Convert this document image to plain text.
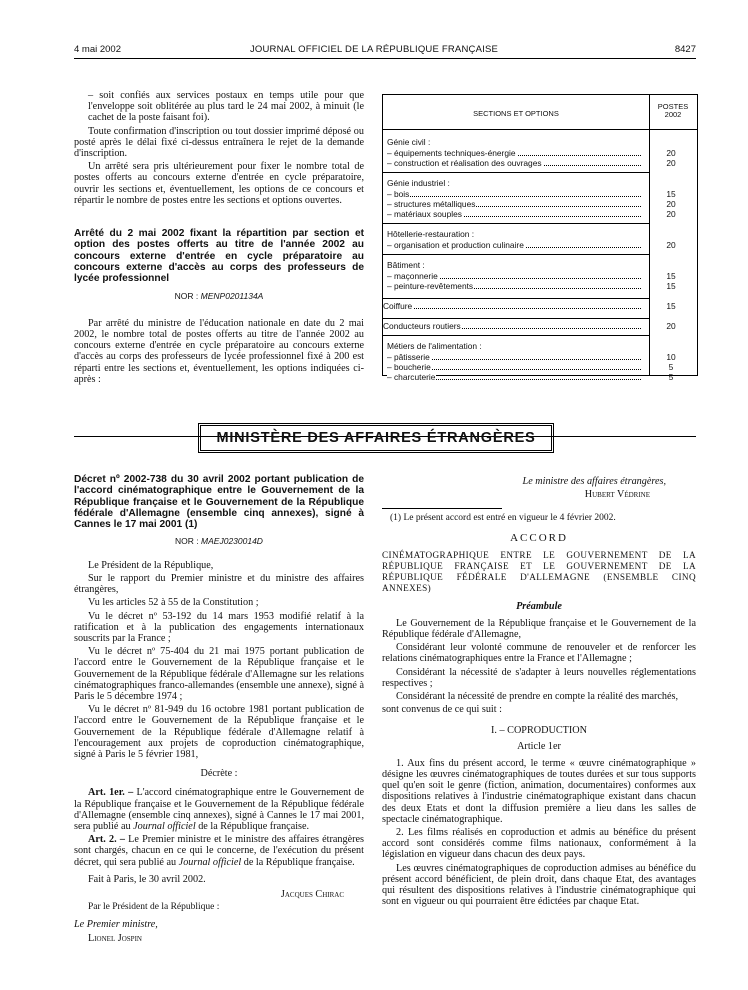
4 mai 2002	JOURNAL OFFICIEL DE LA RÉPUBLIQUE FRANÇAISE	8427

– soit confiés aux services postaux en temps utile pour que l'enveloppe soit oblitérée au plus tard le 24 mai 2002, à minuit (le cachet de la poste faisant foi).

Toute confirmation d'inscription ou tout dossier imprimé déposé ou posté après le délai fixé ci-dessus entraînera le rejet de la demande d'inscription.

Un arrêté sera pris ultérieurement pour fixer le nombre total de postes offerts au concours externe d'entrée en cycle préparatoire, ouvrir les sections et, éventuellement, les options de ce concours et répartir le nombre de postes entre les sections et options ouvertes.

Arrêté du 2 mai 2002 fixant la répartition par section et option des postes offerts au titre de l'année 2002 au concours externe d'entrée en cycle préparatoire au concours externe d'accès au corps des professeurs de lycée professionnel
NOR : MENP0201134A

Par arrêté du ministre de l'éducation nationale en date du 2 mai 2002, le nombre total de postes offerts au titre de l'année 2002 au concours externe d'entrée en cycle préparatoire au concours externe d'accès au corps des professeurs de lycée professionnel fixé à 200 est réparti entre les sections et, éventuellement, les options indiquées ci-après :

SECTIONS ET OPTIONS
POSTES
2002
Génie civil :
– équipements techniques-énergie	20
– construction et réalisation des ouvrages	20
Génie industriel :
– bois	15
– structures métalliques	20
– matériaux souples	20
Hôtellerie-restauration :
– organisation et production culinaire	20
Bâtiment :
– maçonnerie	15
– peinture-revêtements	15
Coiffure	15
Conducteurs routiers	20
Métiers de l'alimentation :
– pâtisserie	10
– boucherie	5
– charcuterie	5
MINISTÈRE DES AFFAIRES ÉTRANGÈRES
Décret nº 2002-738 du 30 avril 2002 portant publication de l'accord cinématographique entre le Gouvernement de la République française et le Gouvernement de la République fédérale d'Allemagne (ensemble cinq annexes), signé à Cannes le 17 mai 2001 (1)
NOR : MAEJ0230014D

Le Président de la République,

Sur le rapport du Premier ministre et du ministre des affaires étrangères,

Vu les articles 52 à 55 de la Constitution ;

Vu le décret nº 53-192 du 14 mars 1953 modifié relatif à la ratification et à la publication des engagements internationaux souscrits par la France ;

Vu le décret nº 75-404 du 21 mai 1975 portant publication de l'accord entre le Gouvernement de la République française et le Gouvernement de la République fédérale d'Allemagne sur les relations cinématographiques franco-allemandes (ensemble une annexe), signé à Paris le 5 décembre 1974 ;

Vu le décret nº 81-949 du 16 octobre 1981 portant publication de l'accord entre le Gouvernement de la République française et le Gouvernement de la République fédérale d'Allemagne relatif à l'encouragement aux projets de coproduction cinématographique, signé à Paris le 5 février 1981,

Décrète :

Art. 1er. – L'accord cinématographique entre le Gouvernement de la République française et le Gouvernement de la République fédérale d'Allemagne (ensemble cinq annexes), signé à Cannes le 17 mai 2001, sera publié au Journal officiel de la République française.

Art. 2. – Le Premier ministre et le ministre des affaires étrangères sont chargés, chacun en ce qui le concerne, de l'exécution du présent décret, qui sera publié au Journal officiel de la République française.

Fait à Paris, le 30 avril 2002.

Jacques Chirac

Par le Président de la République :

Le Premier ministre,

Lionel Jospin

Le ministre des affaires étrangères,

Hubert Védrine

(1) Le présent accord est entré en vigueur le 4 février 2002.

ACCORD

CINÉMATOGRAPHIQUE ENTRE LE GOUVERNEMENT DE LA RÉPUBLIQUE FRANÇAISE ET LE GOUVERNEMENT DE LA RÉPUBLIQUE FÉDÉRALE D'ALLEMAGNE (ENSEMBLE CINQ ANNEXES)

Préambule

Le Gouvernement de la République française et le Gouvernement de la République fédérale d'Allemagne,

Considérant leur volonté commune de renouveler et de renforcer les relations cinématographiques entre la France et l'Allemagne ;

Considérant la nécessité de s'adapter à leurs nouvelles réglementations respectives ;

Considérant la nécessité de prendre en compte la réalité des marchés,

sont convenus de ce qui suit :

I. – COPRODUCTION

Article 1er

1. Aux fins du présent accord, le terme « œuvre cinématographique » désigne les œuvres cinématographiques de toutes durées et sur tous supports quel qu'en soit le genre (fiction, animation, documentaires) conformes aux dispositions relatives à l'industrie cinématographique existant dans chacun des deux Etats et dont la diffusion première a lieu dans les salles de spectacle cinématographique.

2. Les films réalisés en coproduction et admis au bénéfice du présent accord sont considérés comme films nationaux, conformément à la législation en vigueur dans chacun des deux pays.

Les œuvres cinématographiques de coproduction admises au bénéfice du présent accord bénéficient, de plein droit, dans chaque Etat, des avantages qui résultent des dispositions relatives à l'industrie cinématographique qui sont en vigueur ou qui pourraient être édictées par chaque Etat.
